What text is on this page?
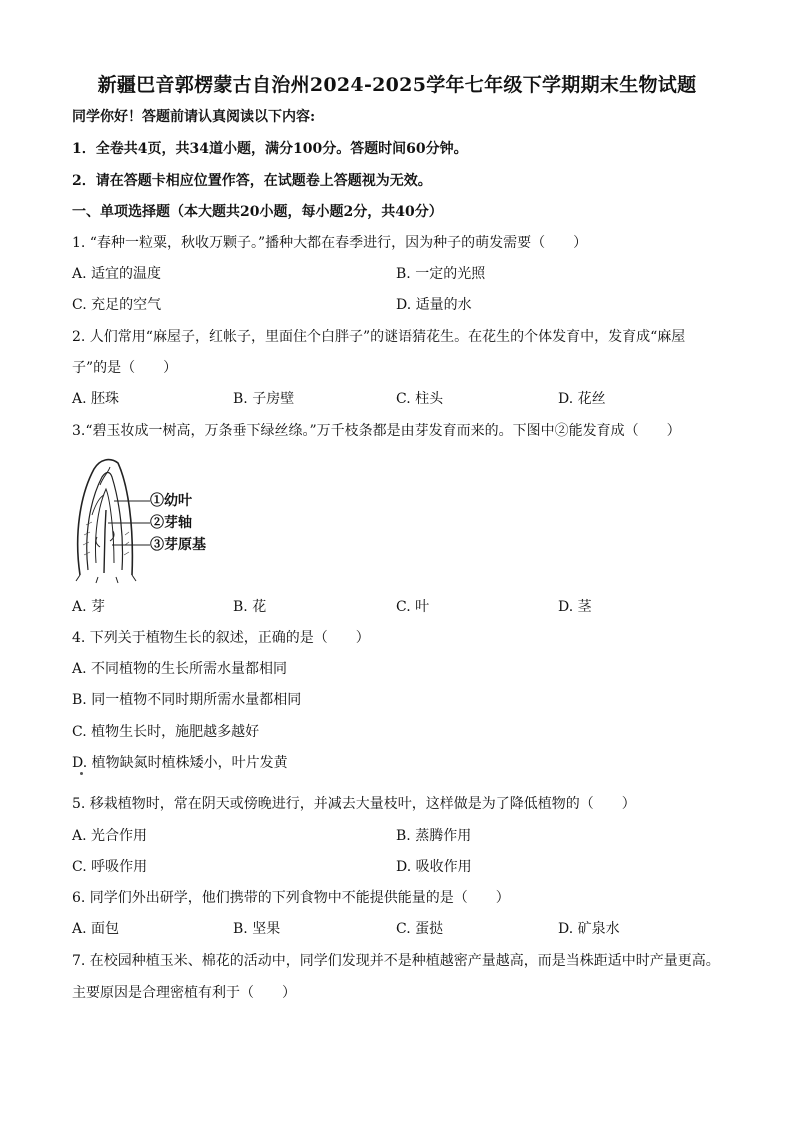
新疆巴音郭楞蒙古自治州2024-2025学年七年级下学期期末生物试题
同学你好！答题前请认真阅读以下内容:
1．全卷共4页，共34道小题，满分100分。答题时间60分钟。
2．请在答题卡相应位置作答，在试题卷上答题视为无效。
一、单项选择题（本大题共20小题，每小题2分，共40分）
1. “春种一粒粟，秋收万颗子。”播种大都在春季进行，因为种子的萌发需要（　　）
A. 适宜的温度	B. 一定的光照
C. 充足的空气	D. 适量的水
2. 人们常用“麻屋子，红帐子，里面住个白胖子”的谜语猜花生。在花生的个体发育中，发育成“麻屋
子”的是（　　）
A. 胚珠	B. 子房壁	C. 柱头	D. 花丝
3.“碧玉妆成一树高，万条垂下绿丝绦。”万千枝条都是由芽发育而来的。下图中②能发育成（　　）
①幼叶
②芽轴
③芽原基
A. 芽	B. 花	C. 叶	D. 茎
4. 下列关于植物生长的叙述，正确的是（　　）
A. 不同植物的生长所需水量都相同
B. 同一植物不同时期所需水量都相同
C. 植物生长时，施肥越多越好
D. 植物缺氮时植株矮小，叶片发黄
5. 移栽植物时，常在阴天或傍晚进行，并减去大量枝叶，这样做是为了降低植物的（　　）
A. 光合作用	B. 蒸腾作用
C. 呼吸作用	D. 吸收作用
6. 同学们外出研学，他们携带的下列食物中不能提供能量的是（　　）
A. 面包	B. 坚果	C. 蛋挞	D. 矿泉水
7. 在校园种植玉米、棉花的活动中，同学们发现并不是种植越密产量越高，而是当株距适中时产量更高。
主要原因是合理密植有利于（　　）
